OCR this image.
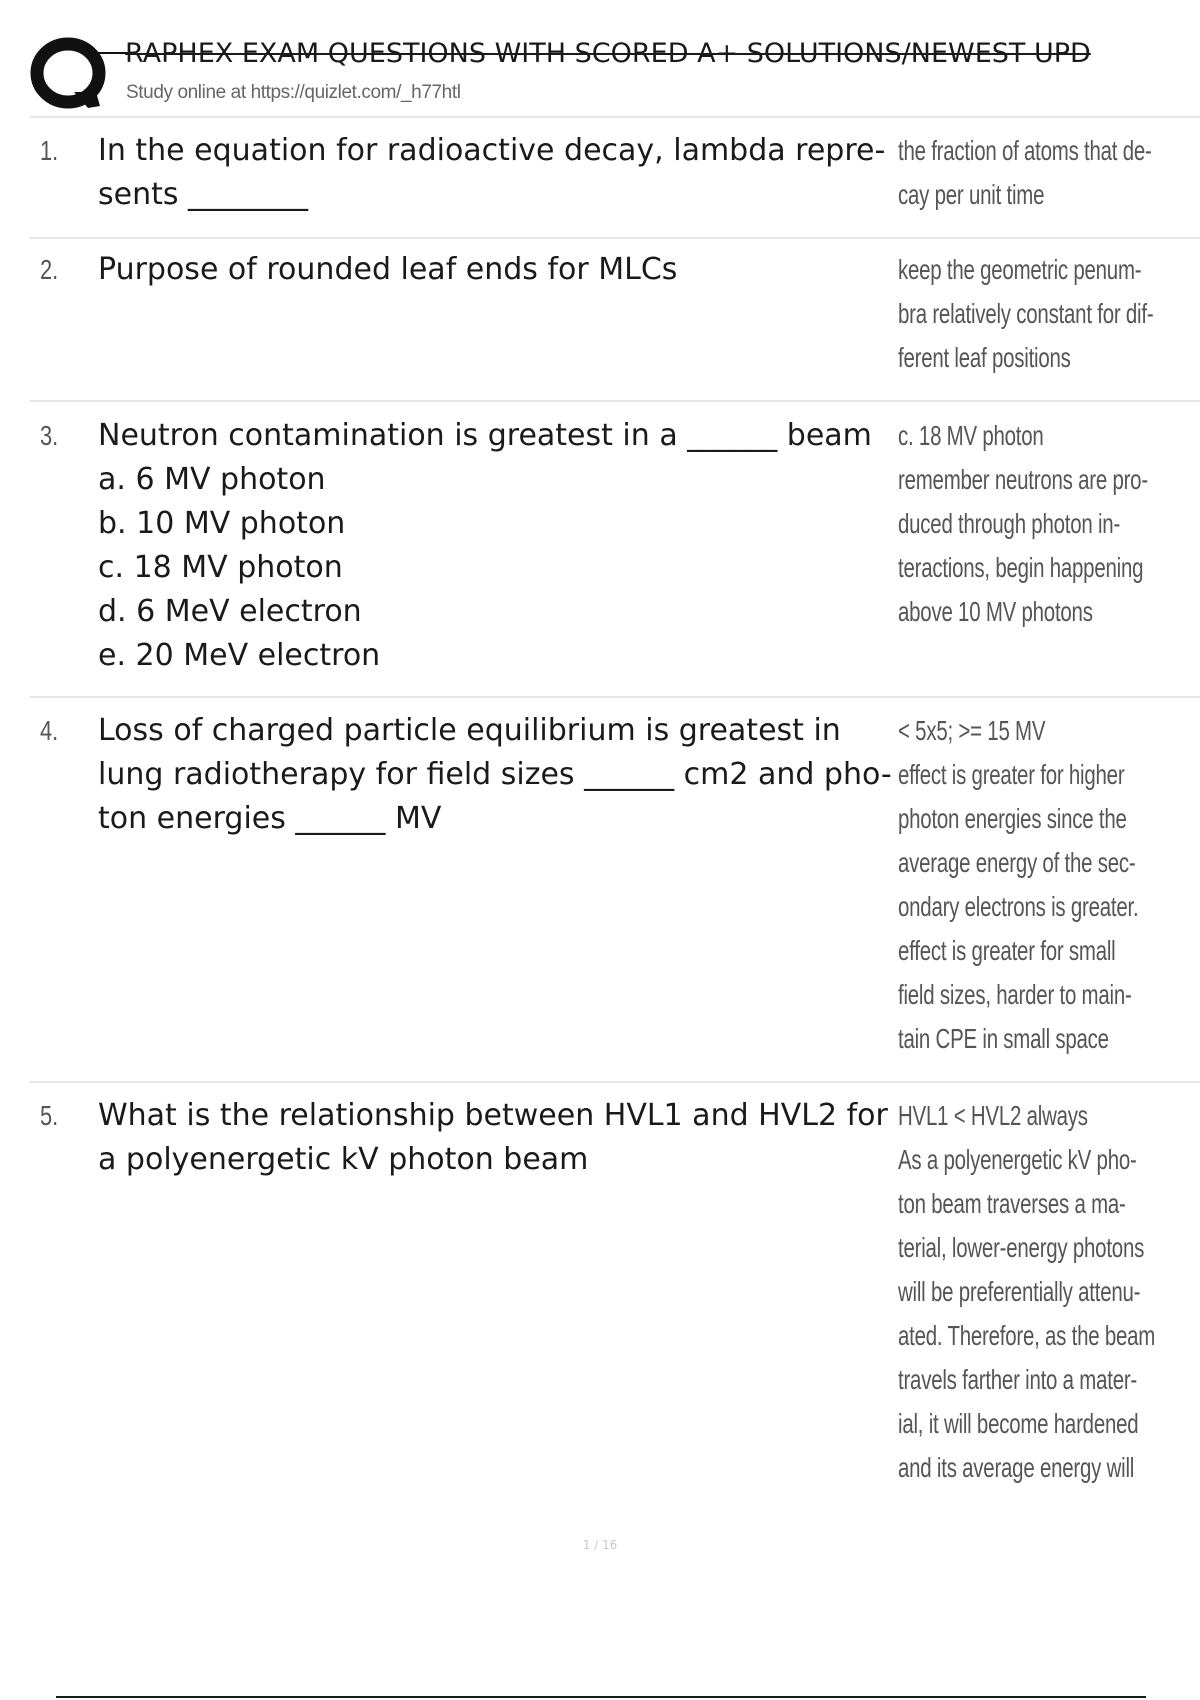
RAPHEX EXAM QUESTIONS WITH SCORED A+ SOLUTIONS/NEWEST UPD
Study online at https://quizlet.com/_h77htl
1. In the equation for radioactive decay, lambda repre-
sents ________
the fraction of atoms that de-
cay per unit time
2. Purpose of rounded leaf ends for MLCs	keep the geometric penum-
bra relatively constant for dif-
ferent leaf positions
3. Neutron contamination is greatest in a ______ beam
a. 6 MV photon
b. 10 MV photon
c. 18 MV photon
d. 6 MeV electron
e. 20 MeV electron
c. 18 MV photon
remember neutrons are pro-
duced through photon in-
teractions, begin happening
above 10 MV photons
4. Loss of charged particle equilibrium is greatest in
lung radiotherapy for field sizes ______ cm2 and pho-
ton energies ______ MV
< 5x5; >= 15 MV
effect is greater for higher
photon energies since the
average energy of the sec-
ondary electrons is greater.
effect is greater for small
field sizes, harder to main-
tain CPE in small space
5. What is the relationship between HVL1 and HVL2 for
a polyenergetic kV photon beam
HVL1 < HVL2 always
As a polyenergetic kV pho-
ton beam traverses a ma-
terial, lower-energy photons
will be preferentially attenu-
ated. Therefore, as the beam
travels farther into a mater-
ial, it will become hardened
and its average energy will
1 / 16
